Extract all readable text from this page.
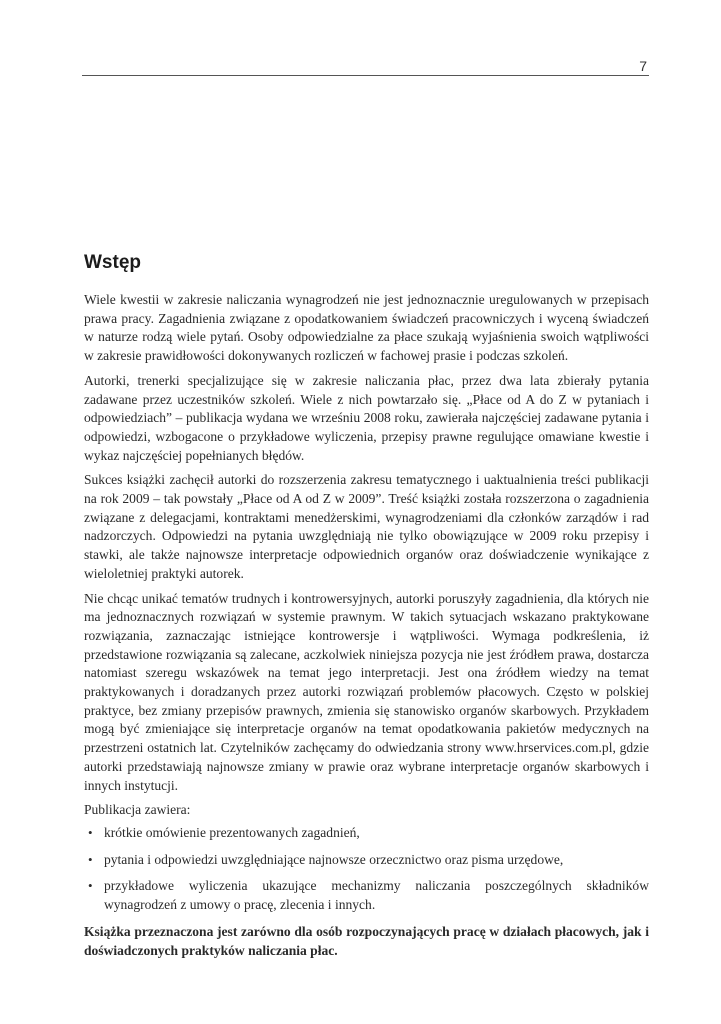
7
Wstęp

Wiele kwestii w zakresie naliczania wynagrodzeń nie jest jednoznacznie uregulowanych w przepisach prawa pracy. Zagadnienia związane z opodatkowaniem świadczeń pracowniczych i wyceną świadczeń w naturze rodzą wiele pytań. Osoby odpowiedzialne za płace szukają wyjaśnienia swoich wątpliwości w zakresie prawidłowości dokonywanych rozliczeń w fachowej prasie i podczas szkoleń.

Autorki, trenerki specjalizujące się w zakresie naliczania płac, przez dwa lata zbierały pytania zadawane przez uczestników szkoleń. Wiele z nich powtarzało się. „Płace od A do Z w pytaniach i odpowiedziach” – publikacja wydana we wrześniu 2008 roku, zawierała najczęściej zadawane pytania i odpowiedzi, wzbogacone o przykładowe wyliczenia, przepisy prawne regulujące omawiane kwestie i wykaz najczęściej popełnianych błędów.

Sukces książki zachęcił autorki do rozszerzenia zakresu tematycznego i uaktualnienia treści publikacji na rok 2009 – tak powstały „Płace od A od Z w 2009”. Treść książki została rozszerzona o zagadnienia związane z delegacjami, kontraktami menedżerskimi, wynagrodzeniami dla członków zarządów i rad nadzorczych. Odpowiedzi na pytania uwzględniają nie tylko obowiązujące w 2009 roku przepisy i stawki, ale także najnowsze interpretacje odpowiednich organów oraz doświadczenie wynikające z wieloletniej praktyki autorek.

Nie chcąc unikać tematów trudnych i kontrowersyjnych, autorki poruszyły zagadnienia, dla których nie ma jednoznacznych rozwiązań w systemie prawnym. W takich sytuacjach wskazano praktykowane rozwiązania, zaznaczając istniejące kontrowersje i wątpliwości. Wymaga podkreślenia, iż przedstawione rozwiązania są zalecane, aczkolwiek niniejsza pozycja nie jest źródłem prawa, dostarcza natomiast szeregu wskazówek na temat jego interpretacji. Jest ona źródłem wiedzy na temat praktykowanych i doradzanych przez autorki rozwiązań problemów płacowych. Często w polskiej praktyce, bez zmiany przepisów prawnych, zmienia się stanowisko organów skarbowych. Przykładem mogą być zmieniające się interpretacje organów na temat opodatkowania pakietów medycznych na przestrzeni ostatnich lat. Czytelników zachęcamy do odwiedzania strony www.hrservices.com.pl, gdzie autorki przedstawiają najnowsze zmiany w prawie oraz wybrane interpretacje organów skarbowych i innych instytucji.

Publikacja zawiera:

• krótkie omówienie prezentowanych zagadnień,
• pytania i odpowiedzi uwzględniające najnowsze orzecznictwo oraz pisma urzędowe,
• przykładowe wyliczenia ukazujące mechanizmy naliczania poszczególnych składników wynagrodzeń z umowy o pracę, zlecenia i innych.

Książka przeznaczona jest zarówno dla osób rozpoczynających pracę w działach płacowych, jak i doświadczonych praktyków naliczania płac.
